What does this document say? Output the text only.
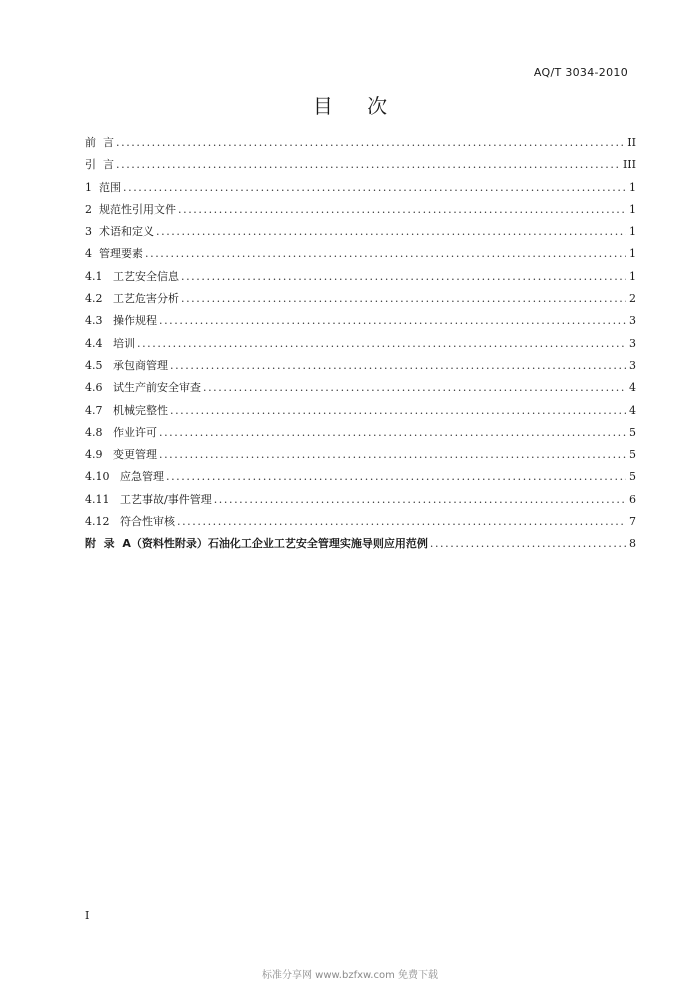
AQ/T 3034-2010
目 次
前  言 .....	II
引  言 .....	III
1 范围 .....	1
2 规范性引用文件 .....	1
3 术语和定义 .....	1
4 管理要素 .....	1
4.1 工艺安全信息 .....	1
4.2 工艺危害分析 .....	2
4.3 操作规程 .....	3
4.4 培训 .....	3
4.5 承包商管理 .....	3
4.6 试生产前安全审查 .....	4
4.7 机械完整性 .....	4
4.8 作业许可 .....	5
4.9 变更管理 .....	5
4.10 应急管理 .....	5
4.11 工艺事故/事件管理 .....	6
4.12 符合性审核 .....	7
附  录  A（资料性附录）石油化工企业工艺安全管理实施导则应用范例 .....	8
I
标准分享网 www.bzfxw.com 免费下载
